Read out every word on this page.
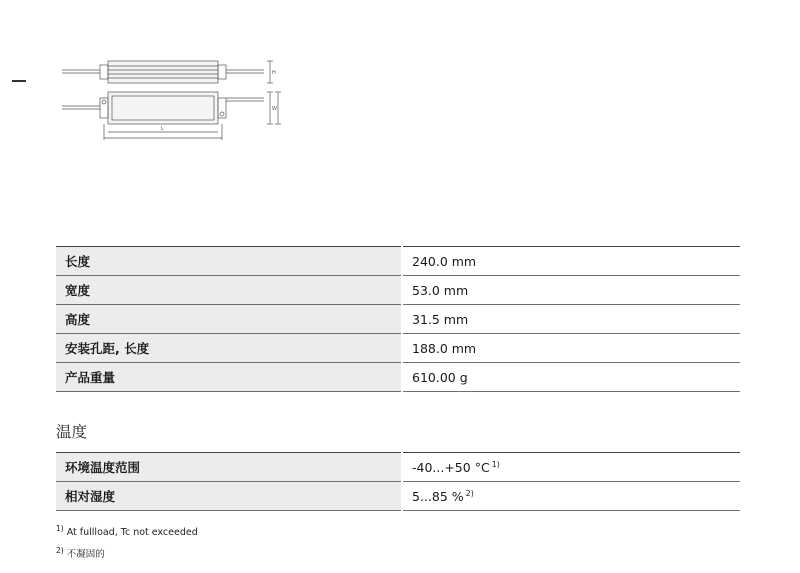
H
W
L
长度	240.0 mm
宽度	53.0 mm
高度	31.5 mm
安装孔距, 长度	188.0 mm
产品重量	610.00 g
温度
环境温度范围	-40...+50 °C $^{1)}$
相对湿度	5...85 % $^{2)}$
$^{1)}$ At fullload, Tc not exceeded
$^{2)}$ 不凝固的
